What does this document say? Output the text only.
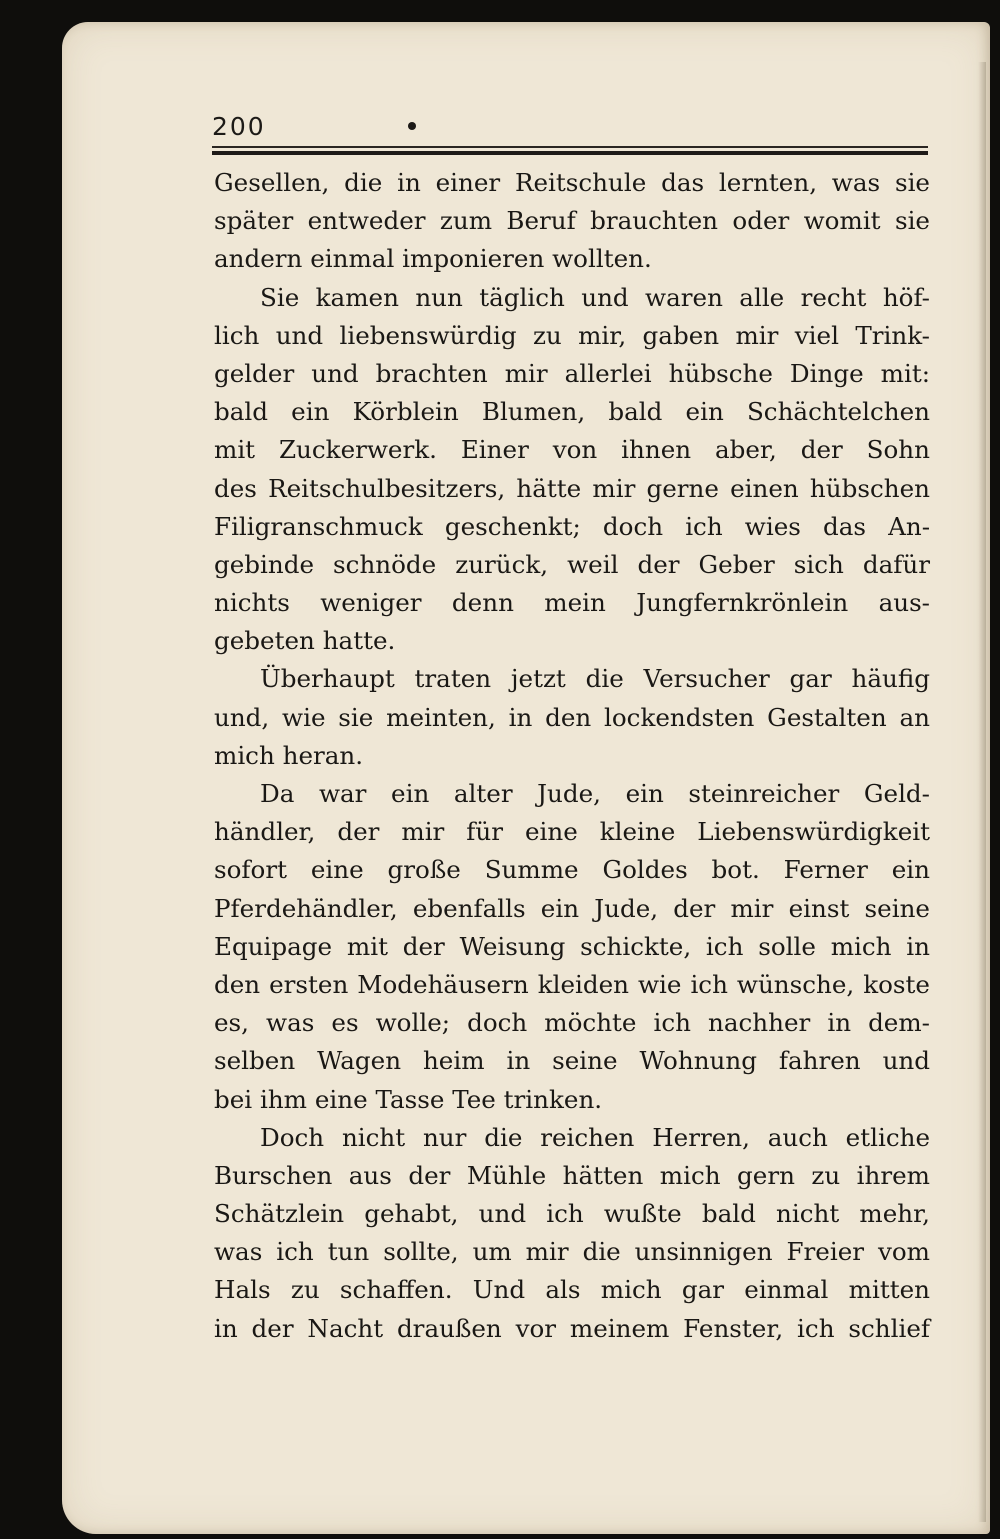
200
Gesellen, die in einer Reitschule das lernten, was sie
später entweder zum Beruf brauchten oder womit sie
andern einmal imponieren wollten.
Sie kamen nun täglich und waren alle recht höf-
lich und liebenswürdig zu mir, gaben mir viel Trink-
gelder und brachten mir allerlei hübsche Dinge mit:
bald ein Körblein Blumen, bald ein Schächtelchen
mit Zuckerwerk. Einer von ihnen aber, der Sohn
des Reitschulbesitzers, hätte mir gerne einen hübschen
Filigranschmuck geschenkt; doch ich wies das An-
gebinde schnöde zurück, weil der Geber sich dafür
nichts weniger denn mein Jungfernkrönlein aus-
gebeten hatte.
Überhaupt traten jetzt die Versucher gar häufig
und, wie sie meinten, in den lockendsten Gestalten an
mich heran.
Da war ein alter Jude, ein steinreicher Geld-
händler, der mir für eine kleine Liebenswürdigkeit
sofort eine große Summe Goldes bot. Ferner ein
Pferdehändler, ebenfalls ein Jude, der mir einst seine
Equipage mit der Weisung schickte, ich solle mich in
den ersten Modehäusern kleiden wie ich wünsche, koste
es, was es wolle; doch möchte ich nachher in dem-
selben Wagen heim in seine Wohnung fahren und
bei ihm eine Tasse Tee trinken.
Doch nicht nur die reichen Herren, auch etliche
Burschen aus der Mühle hätten mich gern zu ihrem
Schätzlein gehabt, und ich wußte bald nicht mehr,
was ich tun sollte, um mir die unsinnigen Freier vom
Hals zu schaffen. Und als mich gar einmal mitten
in der Nacht draußen vor meinem Fenster, ich schlief
